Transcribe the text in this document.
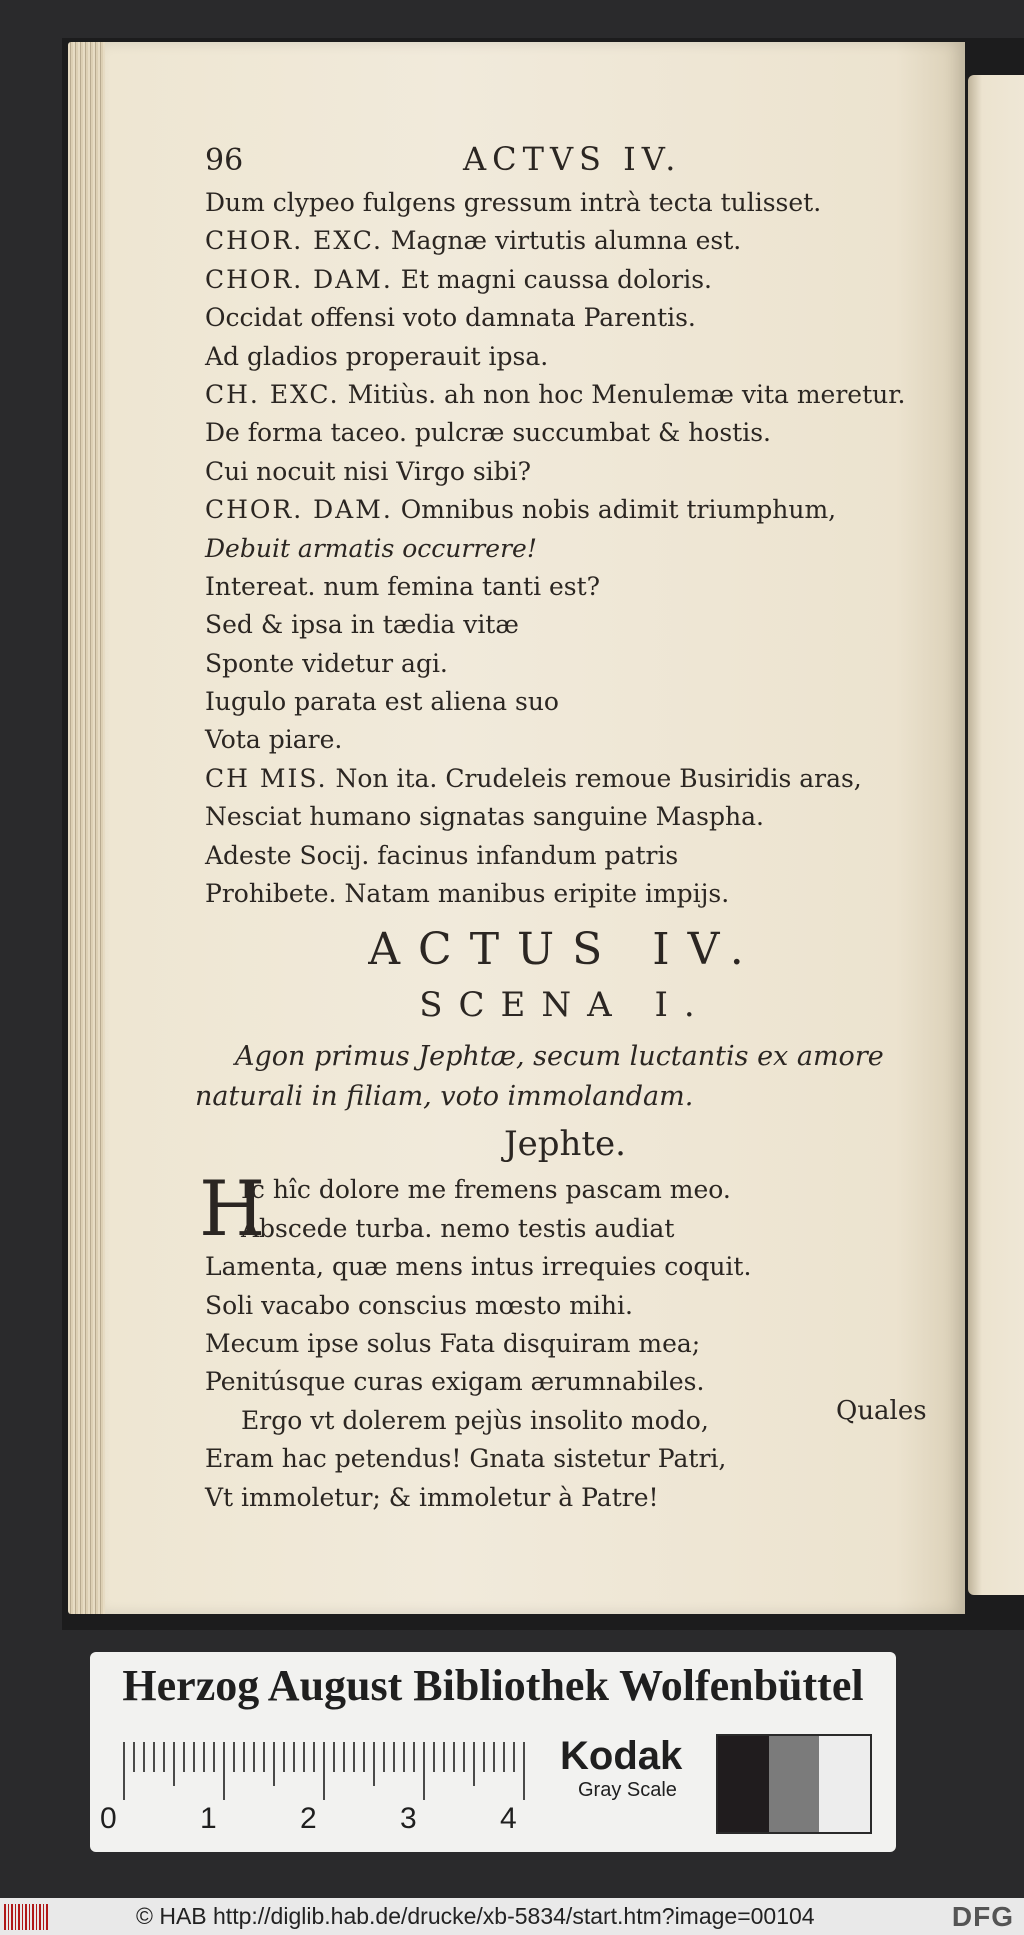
96	ACTVS IV.
Dum clypeo fulgens gressum intrà tecta tulisset.
CHOR. EXC. Magnæ virtutis alumna est.
CHOR. DAM. Et magni caussa doloris.
Occidat offensi voto damnata Parentis.
Ad gladios properauit ipsa.
CH. EXC. Mitiùs. ah non hoc Menulemæ vita meretur.
De forma taceo. pulcræ succumbat & hostis.
Cui nocuit nisi Virgo sibi?
CHOR. DAM. Omnibus nobis adimit triumphum,
Debuit armatis occurrere!
Intereat. num femina tanti est?
Sed & ipsa in tædia vitæ
Sponte videtur agi.
Iugulo parata est aliena suo
Vota piare.
CH MIS. Non ita. Crudeleis remoue Busiridis aras,
Nesciat humano signatas sanguine Maspha.
Adeste Socij. facinus infandum patris
Prohibete. Natam manibus eripite impijs.
ACTUS IV.
SCENA I.
Agon primus Jephtæ, secum luctantis ex amore
naturali in filiam, voto immolandam.
Jephte.
H
Ic hîc dolore me fremens pascam meo.
Abscede turba. nemo testis audiat
Lamenta, quæ mens intus irrequies coquit.
Soli vacabo conscius mœsto mihi.
Mecum ipse solus Fata disquiram mea;
Penitúsque curas exigam ærumnabiles.
Ergo vt dolerem pejùs insolito modo,
Eram hac petendus! Gnata sistetur Patri,
Vt immoletur; & immoletur à Patre!
Quales
Herzog August Bibliothek Wolfenbüttel
0	1	2	3	4
Kodak
Gray Scale
© HAB http://diglib.hab.de/drucke/xb-5834/start.htm?image=00104	DFG
